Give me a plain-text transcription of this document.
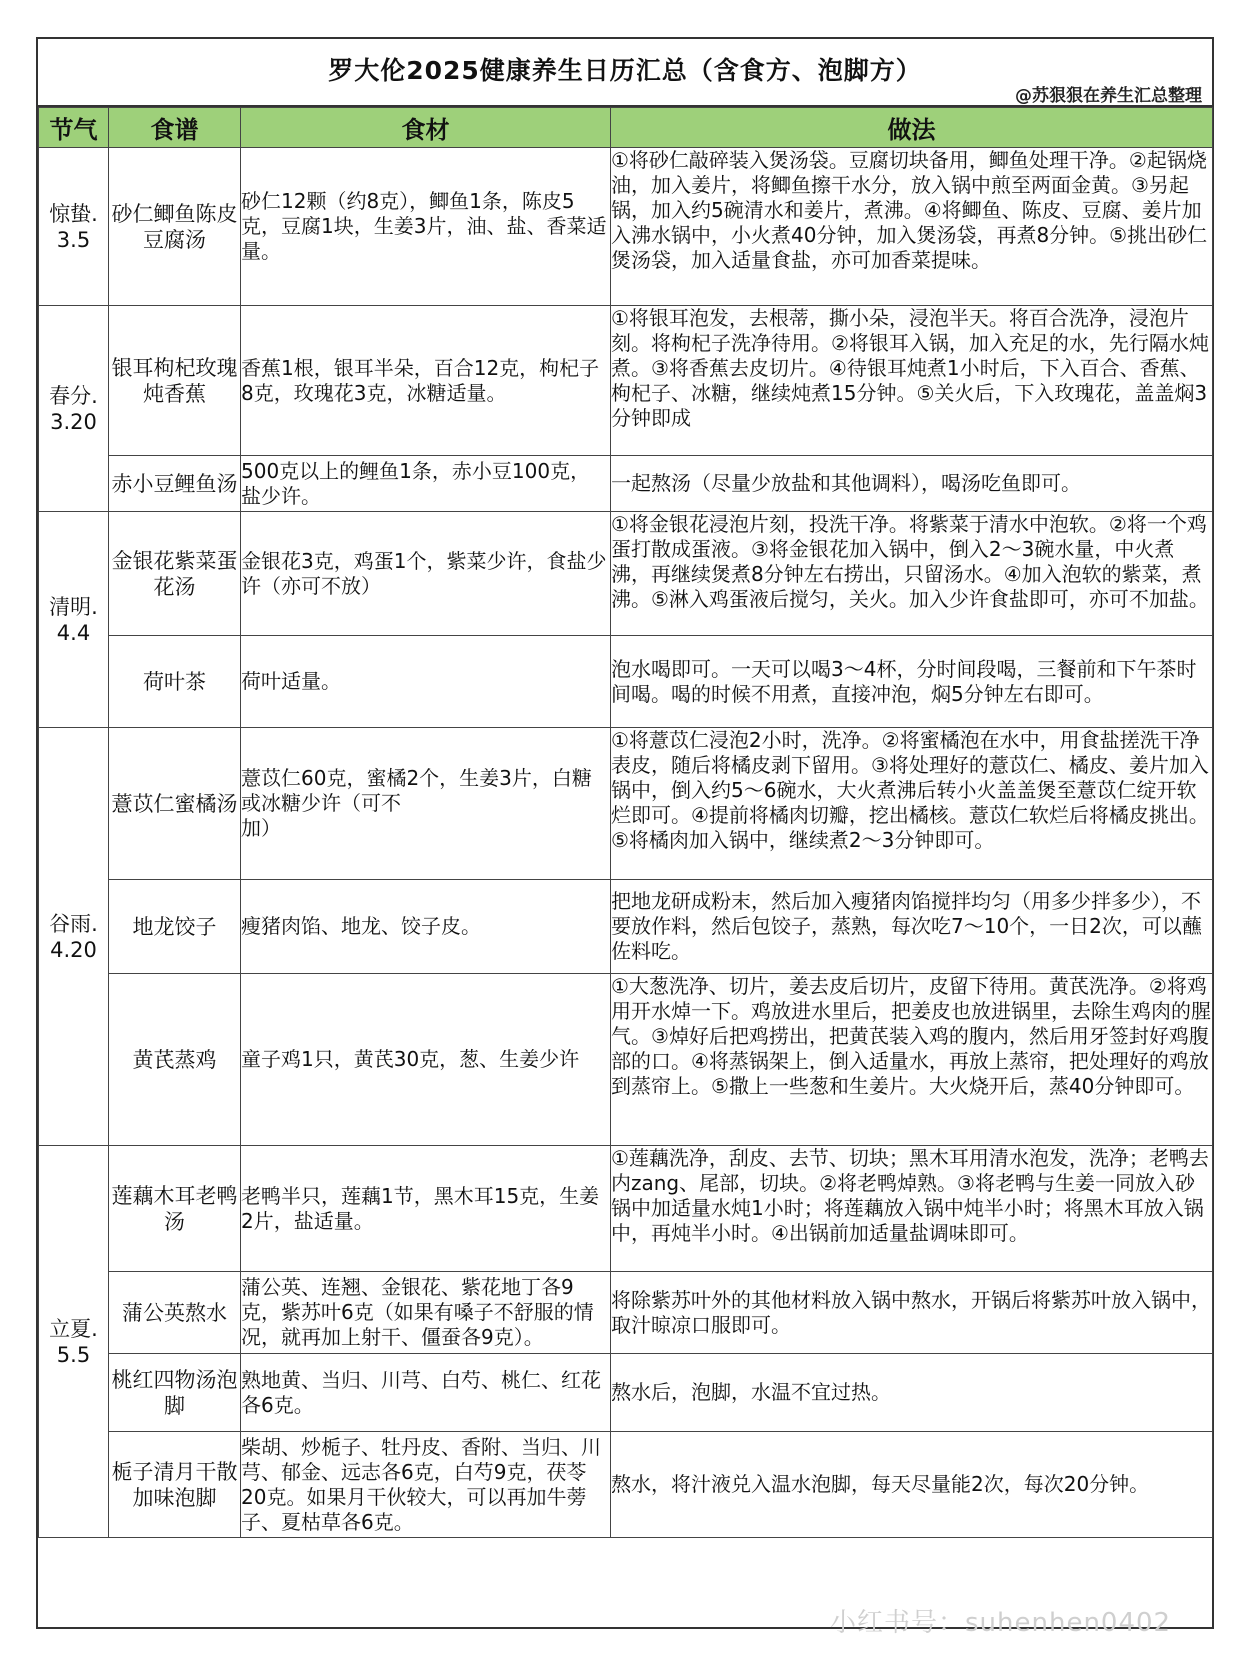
罗大伦2025健康养生日历汇总（含食方、泡脚方）
@苏狠狠在养生汇总整理
节气	食谱	食材	做法
惊蛰.
3.5	砂仁鲫鱼陈皮豆腐汤	砂仁12颗（约8克），鲫鱼1条，陈皮5克，豆腐1块，生姜3片，油、盐、香菜适量。	①将砂仁敲碎装入煲汤袋。豆腐切块备用，鲫鱼处理干净。②起锅烧油，加入姜片，将鲫鱼擦干水分，放入锅中煎至两面金黄。③另起锅，加入约5碗清水和姜片，煮沸。④将鲫鱼、陈皮、豆腐、姜片加入沸水锅中，小火煮40分钟，加入煲汤袋，再煮8分钟。⑤挑出砂仁煲汤袋，加入适量食盐，亦可加香菜提味。
春分.
3.20	银耳枸杞玫瑰炖香蕉	香蕉1根，银耳半朵，百合12克，枸杞子8克，玫瑰花3克，冰糖适量。	①将银耳泡发，去根蒂，撕小朵，浸泡半天。将百合洗净，浸泡片刻。将枸杞子洗净待用。②将银耳入锅，加入充足的水，先行隔水炖煮。③将香蕉去皮切片。④待银耳炖煮1小时后，下入百合、香蕉、枸杞子、冰糖，继续炖煮15分钟。⑤关火后，下入玫瑰花，盖盖焖3分钟即成
	赤小豆鲤鱼汤	500克以上的鲤鱼1条，赤小豆100克，盐少许。	一起熬汤（尽量少放盐和其他调料），喝汤吃鱼即可。
清明.
4.4	金银花紫菜蛋花汤	金银花3克，鸡蛋1个，紫菜少许，食盐少许（亦可不放）	①将金银花浸泡片刻，投洗干净。将紫菜于清水中泡软。②将一个鸡蛋打散成蛋液。③将金银花加入锅中，倒入2～3碗水量，中火煮沸，再继续煲煮8分钟左右捞出，只留汤水。④加入泡软的紫菜，煮沸。⑤淋入鸡蛋液后搅匀，关火。加入少许食盐即可，亦可不加盐。
	荷叶茶	荷叶适量。	泡水喝即可。一天可以喝3～4杯，分时间段喝，三餐前和下午茶时间喝。喝的时候不用煮，直接冲泡，焖5分钟左右即可。
谷雨.
4.20	薏苡仁蜜橘汤	薏苡仁60克，蜜橘2个，生姜3片，白糖或冰糖少许（可不
加）	①将薏苡仁浸泡2小时，洗净。②将蜜橘泡在水中，用食盐搓洗干净表皮，随后将橘皮剥下留用。③将处理好的薏苡仁、橘皮、姜片加入锅中，倒入约5～6碗水，大火煮沸后转小火盖盖煲至薏苡仁绽开软烂即可。④提前将橘肉切瓣，挖出橘核。薏苡仁软烂后将橘皮挑出。⑤将橘肉加入锅中，继续煮2～3分钟即可。
	地龙饺子	瘦猪肉馅、地龙、饺子皮。	把地龙研成粉末，然后加入瘦猪肉馅搅拌均匀（用多少拌多少），不要放作料，然后包饺子，蒸熟，每次吃7～10个，一日2次，可以蘸佐料吃。
	黄芪蒸鸡	童子鸡1只，黄芪30克，葱、生姜少许	①大葱洗净、切片，姜去皮后切片，皮留下待用。黄芪洗净。②将鸡用开水焯一下。鸡放进水里后，把姜皮也放进锅里，去除生鸡肉的腥气。③焯好后把鸡捞出，把黄芪装入鸡的腹内，然后用牙签封好鸡腹部的口。④将蒸锅架上，倒入适量水，再放上蒸帘，把处理好的鸡放到蒸帘上。⑤撒上一些葱和生姜片。大火烧开后，蒸40分钟即可。
立夏.
5.5	莲藕木耳老鸭汤	老鸭半只，莲藕1节，黑木耳15克，生姜2片，盐适量。	①莲藕洗净，刮皮、去节、切块；黑木耳用清水泡发，洗净；老鸭去内zang、尾部，切块。②将老鸭焯熟。③将老鸭与生姜一同放入砂锅中加适量水炖1小时；将莲藕放入锅中炖半小时；将黑木耳放入锅中，再炖半小时。④出锅前加适量盐调味即可。
	蒲公英熬水	蒲公英、连翘、金银花、紫花地丁各9克，紫苏叶6克（如果有嗓子不舒服的情况，就再加上射干、僵蚕各9克）。	将除紫苏叶外的其他材料放入锅中熬水，开锅后将紫苏叶放入锅中，取汁晾凉口服即可。
	桃红四物汤泡脚	熟地黄、当归、川芎、白芍、桃仁、红花各6克。	熬水后，泡脚，水温不宜过热。
	栀子清月干散加味泡脚	柴胡、炒栀子、牡丹皮、香附、当归、川芎、郁金、远志各6克，白芍9克，茯苓20克。如果月干伙较大，可以再加牛蒡子、夏枯草各6克。	熬水，将汁液兑入温水泡脚，每天尽量能2次，每次20分钟。
小红书号：suhenhen0402
